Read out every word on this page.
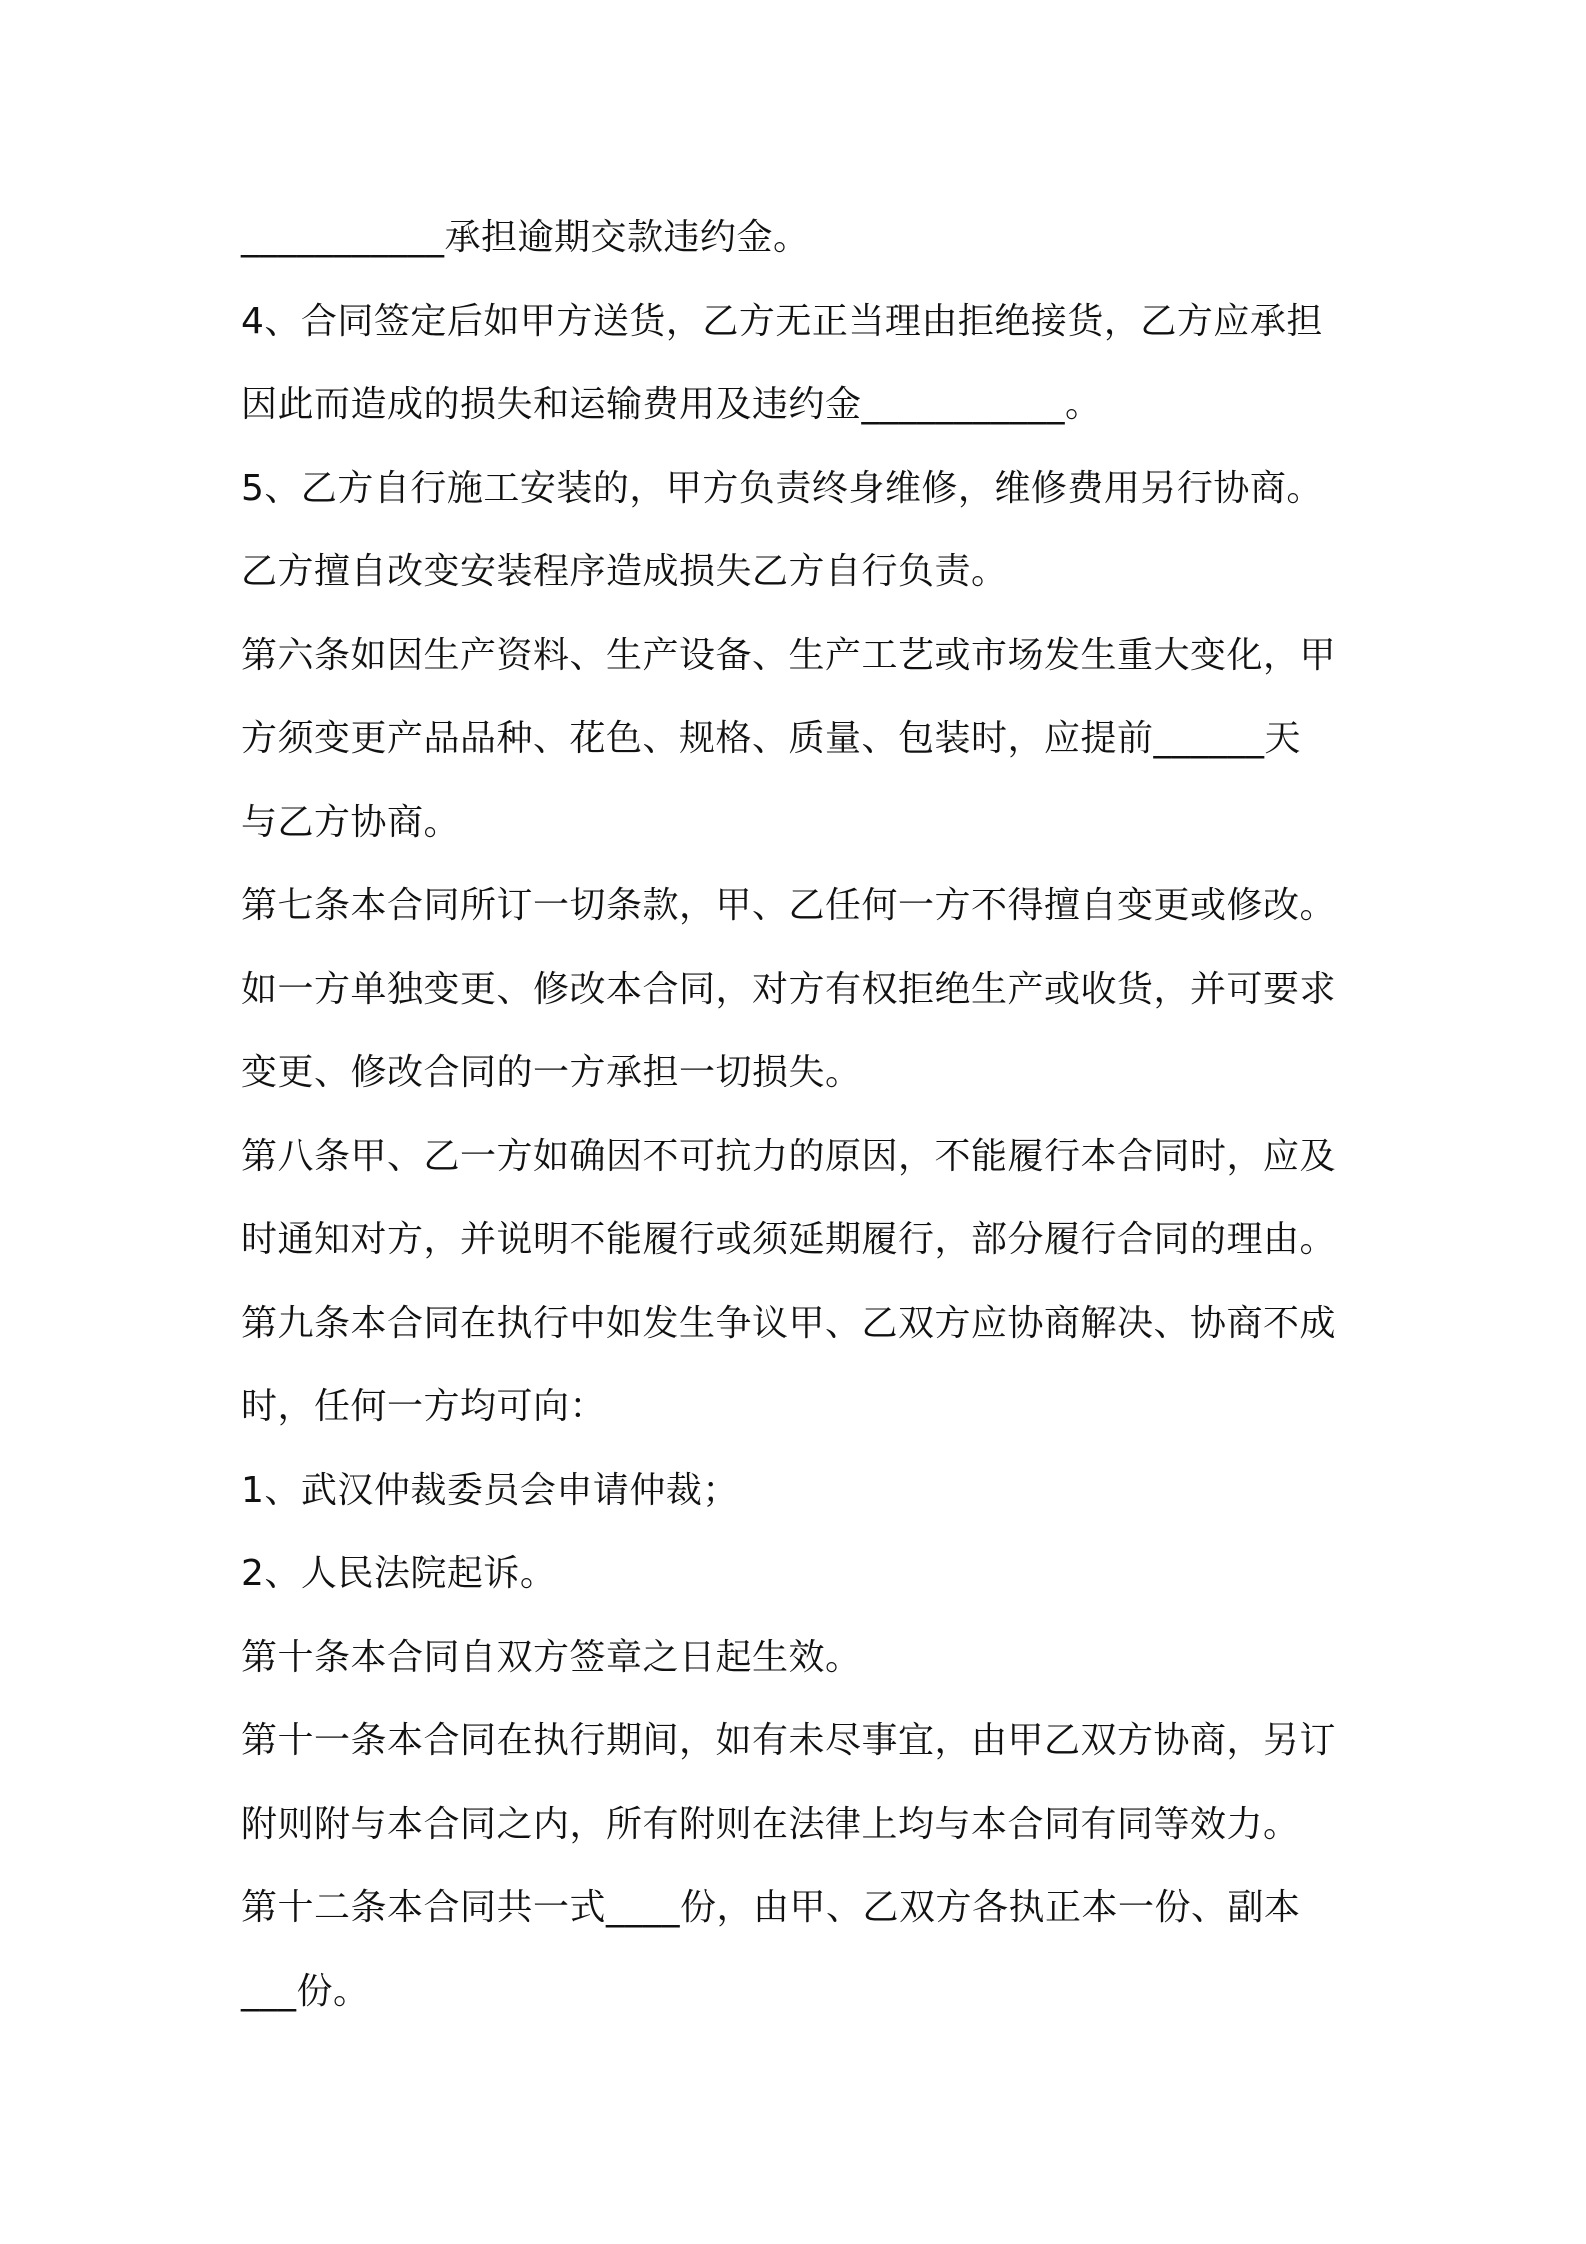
___________承担逾期交款违约金。
4、合同签定后如甲方送货，乙方无正当理由拒绝接货，乙方应承担
因此而造成的损失和运输费用及违约金___________。
5、乙方自行施工安装的，甲方负责终身维修，维修费用另行协商。
乙方擅自改变安装程序造成损失乙方自行负责。
第六条如因生产资料、生产设备、生产工艺或市场发生重大变化，甲
方须变更产品品种、花色、规格、质量、包装时，应提前______天
与乙方协商。
第七条本合同所订一切条款，甲、乙任何一方不得擅自变更或修改。
如一方单独变更、修改本合同，对方有权拒绝生产或收货，并可要求
变更、修改合同的一方承担一切损失。
第八条甲、乙一方如确因不可抗力的原因，不能履行本合同时，应及
时通知对方，并说明不能履行或须延期履行，部分履行合同的理由。
第九条本合同在执行中如发生争议甲、乙双方应协商解决、协商不成
时，任何一方均可向：
1、武汉仲裁委员会申请仲裁；
2、人民法院起诉。
第十条本合同自双方签章之日起生效。
第十一条本合同在执行期间，如有未尽事宜，由甲乙双方协商，另订
附则附与本合同之内，所有附则在法律上均与本合同有同等效力。
第十二条本合同共一式____份，由甲、乙双方各执正本一份、副本
___份。
